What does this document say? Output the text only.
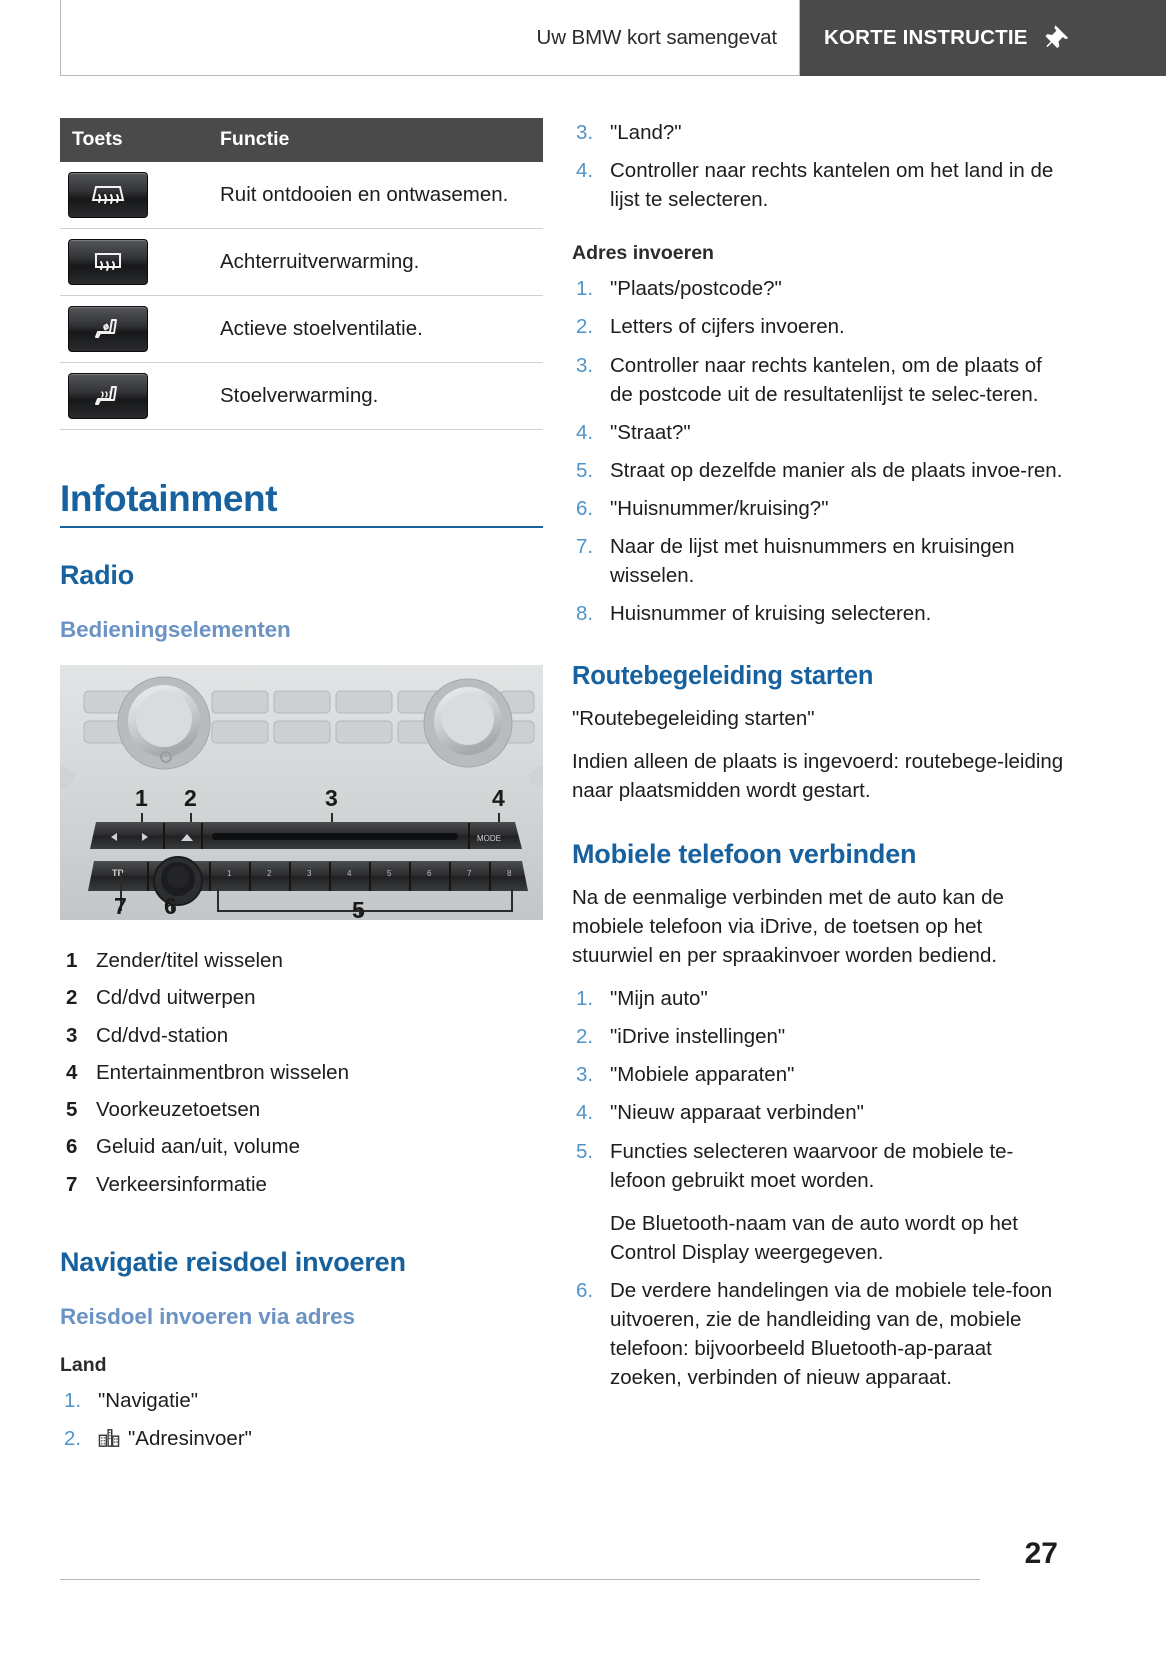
Uw BMW kort samengevat KORTE INSTRUCTIE
Toets	Functie

	Ruit ontdooien en ontwasemen.

	Achterruitverwarming.

	Actieve stoelventilatie.

	Stoelverwarming.
Infotainment
Radio
Bedieningselementen
1 2	3	4
MODE
TP	1	2	3	4	5	6	7	8
7 6	5
1 Zender/titel wisselen
2 Cd/dvd uitwerpen
3 Cd/dvd-station
4 Entertainmentbron wisselen
5 Voorkeuzetoetsen
6 Geluid aan/uit, volume
7 Verkeersinformatie
Navigatie reisdoel invoeren
Reisdoel invoeren via adres
Land
1. "Navigatie"
2.	"Adresinvoer"
3. "Land?"
4. Controller naar rechts kantelen om het land in de lijst te selecteren.
Adres invoeren
1. "Plaats/postcode?"
2. Letters of cijfers invoeren.
3. Controller naar rechts kantelen, om de plaats of de postcode uit de resultatenlijst te selec-teren.
4. "Straat?"
5. Straat op dezelfde manier als de plaats invoe-ren.
6. "Huisnummer/kruising?"
7. Naar de lijst met huisnummers en kruisingen wisselen.
8. Huisnummer of kruising selecteren.
Routebegeleiding starten

"Routebegeleiding starten"

Indien alleen de plaats is ingevoerd: routebege-leiding naar plaatsmidden wordt gestart.

Mobiele telefoon verbinden

Na de eenmalige verbinden met de auto kan de mobiele telefoon via iDrive, de toetsen op het stuurwiel en per spraakinvoer worden bediend.

1. "Mijn auto"
2. "iDrive instellingen"
3. "Mobiele apparaten"
4. "Nieuw apparaat verbinden"
5. Functies selecteren waarvoor de mobiele te-lefoon gebruikt moet worden.
De Bluetooth-naam van de auto wordt op het Control Display weergegeven.
6. De verdere handelingen via de mobiele tele-foon uitvoeren, zie de handleiding van de, mobiele telefoon: bijvoorbeeld Bluetooth-ap-paraat zoeken, verbinden of nieuw apparaat.
27
